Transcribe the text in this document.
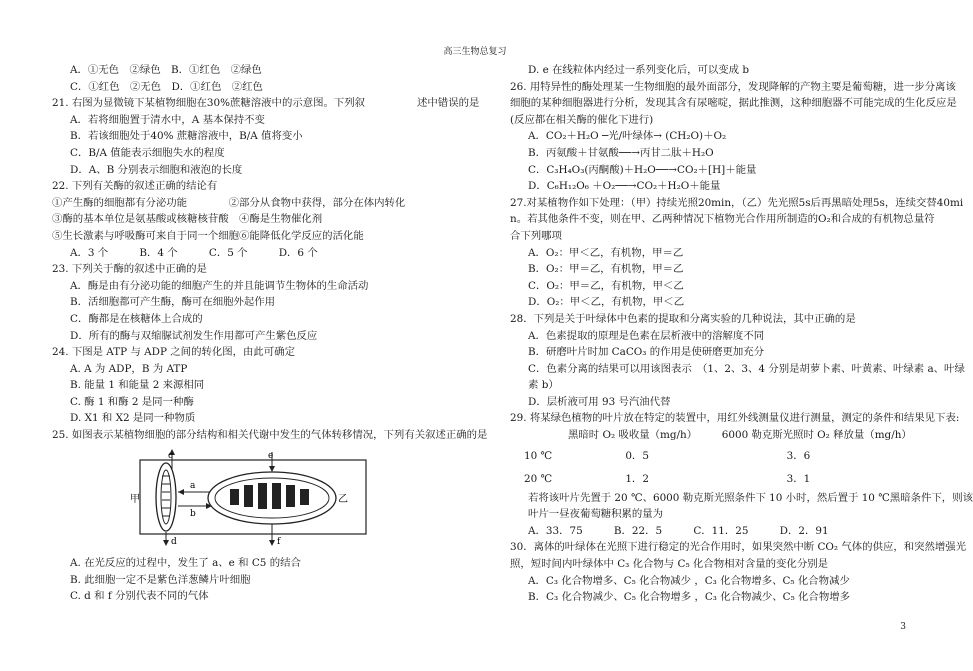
高三生物总复习
A．①无色　②绿色　B．①红色　②绿色
C．①红色　②无色　D．①红色　②红色
21. 右图为显微镜下某植物细胞在30%蔗糖溶液中的示意图。下列叙　　　　　述中错误的是
A．若将细胞置于清水中，A 基本保持不变
B．若该细胞处于40% 蔗糖溶液中，B/A 值将变小
C．B/A 值能表示细胞失水的程度
D．A、B 分别表示细胞和液泡的长度
22. 下列有关酶的叙述正确的结论有
①产生酶的细胞都有分泌功能　　　　②部分从食物中获得，部分在体内转化
③酶的基本单位是氨基酸或核糖核苷酸　④酶是生物催化剂
⑤生长激素与呼吸酶可来自于同一个细胞⑥能降低化学反应的活化能
A．3 个　　　B．4 个　　　C．5 个　　　D．6 个
23. 下列关于酶的叙述中正确的是
A．酶是由有分泌功能的细胞产生的并且能调节生物体的生命活动
B．活细胞都可产生酶，酶可在细胞外起作用
C．酶都是在核糖体上合成的
D．所有的酶与双缩脲试剂发生作用都可产生紫色反应
24. 下图是 ATP 与 ADP 之间的转化图，由此可确定
A. A 为 ADP，B 为 ATP
B. 能量 1 和能量 2 来源相同
C. 酶 1 和酶 2 是同一种酶
D. X1 和 X2 是同一种物质
25. 如图表示某植物细胞的部分结构和相关代谢中发生的气体转移情况，下列有关叙述正确的是
甲	乙
c	e
a
b
d	f
A. 在光反应的过程中，发生了 a、e 和 C5 的结合
B. 此细胞一定不是紫色洋葱鳞片叶细胞
C. d 和 f 分别代表不同的气体
D. e 在线粒体内经过一系列变化后，可以变成 b
26. 用特异性的酶处理某一生物细胞的最外面部分，发现降解的产物主要是葡萄糖，进一步分离该
细胞的某种细胞器进行分析，发现其含有尿嘧啶，据此推测，这种细胞器不可能完成的生化反应是
(反应都在相关酶的催化下进行)
A．CO₂＋H₂O ─光/叶绿体→ (CH₂O)＋O₂
B．丙氨酸＋甘氨酸──→丙甘二肽＋H₂O
C．C₃H₄O₃(丙酮酸)＋H₂O──→CO₂＋[H]＋能量
D．C₆H₁₂O₆ ＋O₂──→CO₂＋H₂O＋能量
27.对某植物作如下处理：（甲）持续光照20min，（乙）先光照5s后再黑暗处理5s，连续交替40mi
n。若其他条件不变，则在甲、乙两种情况下植物光合作用所制造的O₂和合成的有机物总量符
合下列哪项
A．O₂：甲＜乙，有机物，甲＝乙
B．O₂：甲＝乙，有机物，甲＝乙
C．O₂：甲＝乙，有机物，甲＜乙
D．O₂：甲＜乙，有机物，甲＜乙
28．下列是关于叶绿体中色素的提取和分离实验的几种说法，其中正确的是
A．色素提取的原理是色素在层析液中的溶解度不同
B．研磨叶片时加 CaCO₃ 的作用是使研磨更加充分
C．色素分离的结果可以用该图表示　（1、2、3、4 分别是胡萝卜素、叶黄素、叶绿素 a、叶绿
素 b）
D．层析液可用 93 号汽油代替
29. 将某绿色植物的叶片放在特定的装置中，用红外线测量仪进行测量，测定的条件和结果见下表:
黑暗时 O₂ 吸收量（mg/h） 6000 勒克斯光照时 O₂ 释放量（mg/h）
10 ℃	0．5	3．6
20 ℃	1．2	3．1
若将该叶片先置于 20 ℃、6000 勒克斯光照条件下 10 小时，然后置于 10 ℃黑暗条件下，则该
叶片一昼夜葡萄糖积累的量为
A．33．75　　　B．22．5　　　C．11．25　　　D．2．91
30．离体的叶绿体在光照下进行稳定的光合作用时，如果突然中断 CO₂ 气体的供应，和突然增强光
照，短时间内叶绿体中 C₃ 化合物与 C₅ 化合物相对含量的变化分别是
A．C₃ 化合物增多、C₅ 化合物减少 ，C₃ 化合物增多、C₅ 化合物减少
B．C₃ 化合物减少、C₅ 化合物增多 ，C₃ 化合物减少、C₅ 化合物增多
3
